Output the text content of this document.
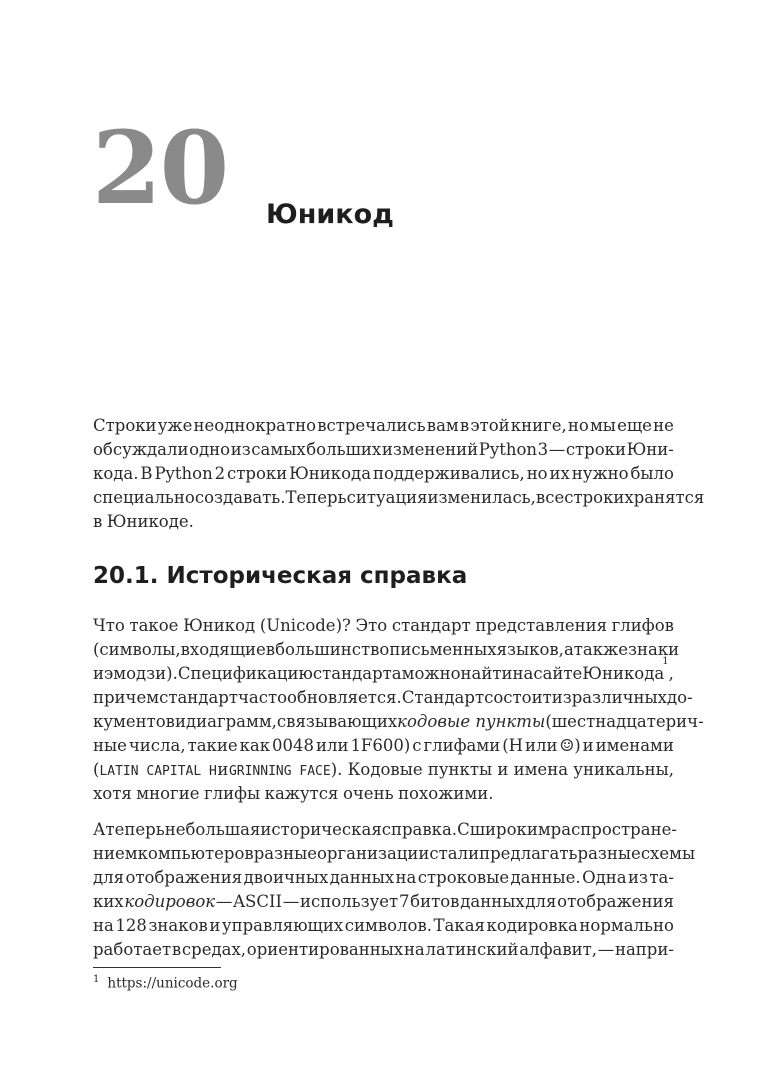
20 Юникод
Строки уже неоднократно встречались вам в этой книге, но мы еще не
обсуждали одно из самых больших изменений Python 3 — строки Юни-
кода. В Python 2 строки Юникода поддерживались, но их нужно было
специально создавать. Теперь ситуация изменилась, все строки хранятся
в Юникоде.
20.1. Историческая справка
Что такое Юникод (Unicode)? Это стандарт представления глифов
(символы, входящие в большинство письменных языков, а также знаки
и эмодзи). Спецификацию стандарта можно найти на сайте Юникода
1
,
причем стандарт часто обновляется. Стандарт состоит из различных до-
кументов и диаграмм, связывающих кодовые пункты (шестнадцатерич-
ные числа, такие как 0048 или 1F600) с глифами (H или ☺) и именами
(LATIN CAPITAL H и GRINNING FACE). Кодовые пункты и имена уникальны,
хотя многие глифы кажутся очень похожими.
А теперь небольшая историческая справка. С широким распростране-
нием компьютеров разные организации стали предлагать разные схемы
для отображения двоичных данных на строковые данные. Одна из та-
ких кодировок — ASCII — использует 7 битов данных для отображения
на 128 знаков и управляющих символов. Такая кодировка нормально
работает в средах, ориентированных на латинский алфавит, — напри-
$^1$ https://unicode.org
